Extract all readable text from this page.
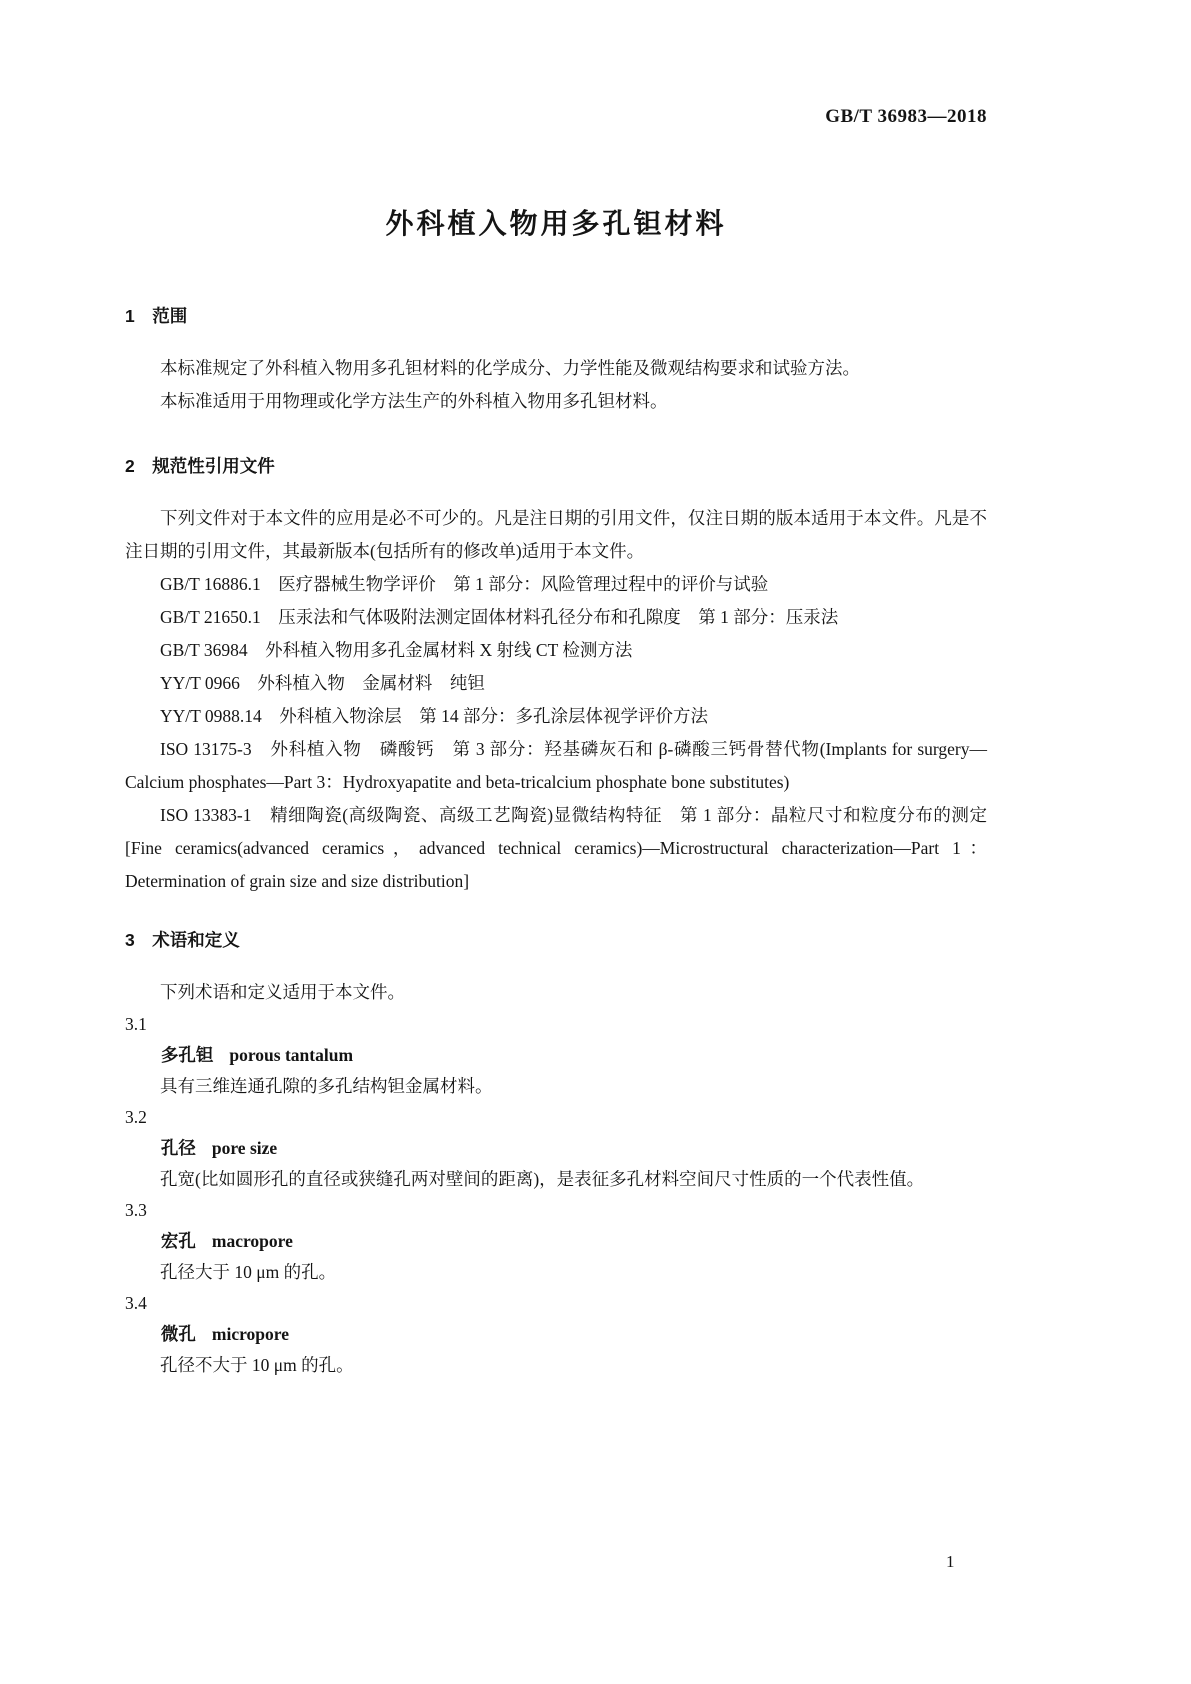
GB/T 36983—2018
外科植入物用多孔钽材料
1　范围

本标准规定了外科植入物用多孔钽材料的化学成分、力学性能及微观结构要求和试验方法。

本标准适用于用物理或化学方法生产的外科植入物用多孔钽材料。

2　规范性引用文件

下列文件对于本文件的应用是必不可少的。凡是注日期的引用文件，仅注日期的版本适用于本文件。凡是不注日期的引用文件，其最新版本(包括所有的修改单)适用于本文件。

GB/T 16886.1　医疗器械生物学评价　第 1 部分：风险管理过程中的评价与试验

GB/T 21650.1　压汞法和气体吸附法测定固体材料孔径分布和孔隙度　第 1 部分：压汞法

GB/T 36984　外科植入物用多孔金属材料 X 射线 CT 检测方法

YY/T 0966　外科植入物　金属材料　纯钽

YY/T 0988.14　外科植入物涂层　第 14 部分：多孔涂层体视学评价方法

ISO 13175-3　外科植入物　磷酸钙　第 3 部分：羟基磷灰石和 β-磷酸三钙骨替代物(Implants for surgery—Calcium phosphates—Part 3：Hydroxyapatite and beta-tricalcium phosphate bone substitutes)

ISO 13383-1　精细陶瓷(高级陶瓷、高级工艺陶瓷)显微结构特征　第 1 部分：晶粒尺寸和粒度分布的测定[Fine ceramics(advanced ceramics，advanced technical ceramics)—Microstructural characterization—Part 1：Determination of grain size and size distribution]

3　术语和定义

下列术语和定义适用于本文件。

3.1
多孔钽 porous tantalum

具有三维连通孔隙的多孔结构钽金属材料。

3.2
孔径 pore size

孔宽(比如圆形孔的直径或狭缝孔两对壁间的距离)，是表征多孔材料空间尺寸性质的一个代表性值。

3.3
宏孔 macropore

孔径大于 10 μm 的孔。

3.4
微孔 micropore

孔径不大于 10 μm 的孔。

1
